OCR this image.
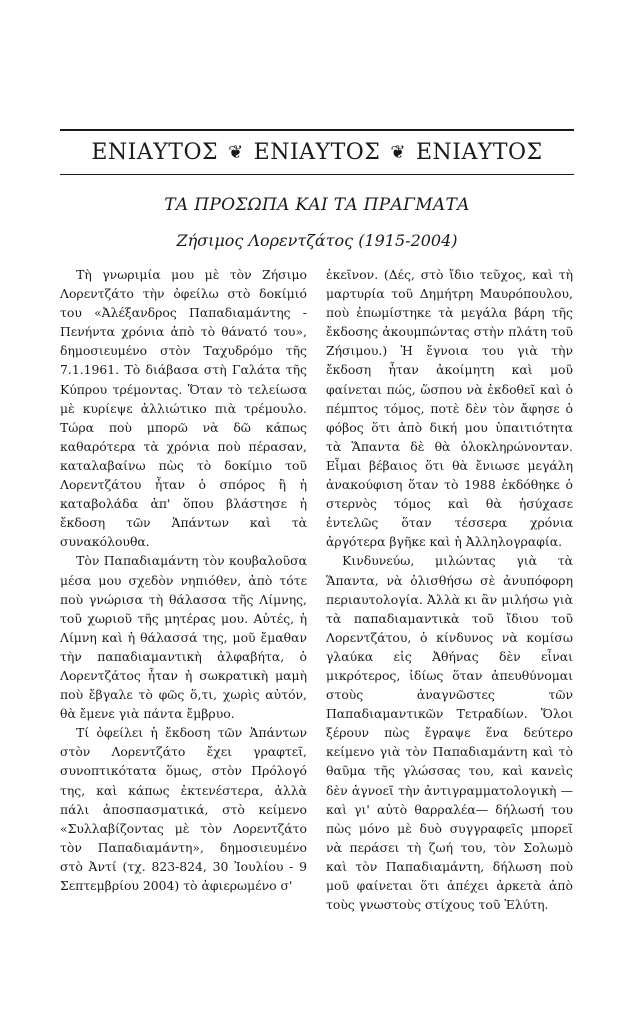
ΕΝΙΑΥΤΟΣ ❦ ΕΝΙΑΥΤΟΣ ❦ ΕΝΙΑΥΤΟΣ
ΤΑ ΠΡΟΣΩΠΑ ΚΑΙ ΤΑ ΠΡΑΓΜΑΤΑ
Ζήσιμος Λορεντζάτος (1915-2004)

Τὴ γνωριμία μου μὲ τὸν Ζήσιμο Λορεντζάτο τὴν ὀφείλω στὸ δοκίμιό του «Ἀλέξανδρος Παπαδιαμάντης - Πενήντα χρόνια ἀπὸ τὸ θάνατό του», δημοσιευμένο στὸν Ταχυδρόμο τῆς 7.1.1961. Τὸ διάβασα στὴ Γαλάτα τῆς Κύπρου τρέμοντας. Ὅταν τὸ τελείωσα μὲ κυρίεψε ἀλλιώτικο πιὰ τρέμουλο. Τώρα ποὺ μπορῶ νὰ δῶ κάπως καθαρότερα τὰ χρόνια ποὺ πέρασαν, καταλαβαίνω πὼς τὸ δοκίμιο τοῦ Λορεντζάτου ἦταν ὁ σπόρος ἢ ἡ καταβολάδα ἀπ' ὅπου βλάστησε ἡ ἔκδοση τῶν Ἁπάντων καὶ τὰ συνακόλουθα.

Τὸν Παπαδιαμάντη τὸν κουβαλοῦσα μέσα μου σχεδὸν νηπιόθεν, ἀπὸ τότε ποὺ γνώρισα τὴ θάλασσα τῆς Λίμνης, τοῦ χωριοῦ τῆς μητέρας μου. Αὐτές, ἡ Λίμνη καὶ ἡ θάλασσά της, μοῦ ἔμαθαν τὴν παπαδιαμαντικὴ ἀλφαβήτα, ὁ Λορεντζάτος ἦταν ἡ σωκρατικὴ μαμὴ ποὺ ἔβγαλε τὸ φῶς ὅ,τι, χωρὶς αὐτόν, θὰ ἔμενε γιὰ πάντα ἔμβρυο.

Τί ὀφείλει ἡ ἔκδοση τῶν Ἁπάντων στὸν Λορεντζάτο ἔχει γραφτεῖ, συνοπτικότατα ὅμως, στὸν Πρόλογό της, καὶ κάπως ἐκτενέστερα, ἀλλὰ πάλι ἀποσπασματικά, στὸ κείμενο «Συλλαβίζοντας μὲ τὸν Λορεντζάτο τὸν Παπαδιαμάντη», δημοσιευμένο στὸ Ἀντί (τχ. 823-824, 30 Ἰουλίου - 9 Σεπτεμβρίου 2004) τὸ ἀφιερωμένο σ'

ἐκεῖνον. (Δές, στὸ ἴδιο τεῦχος, καὶ τὴ μαρτυρία τοῦ Δημήτρη Μαυρόπουλου, ποὺ ἐπωμίστηκε τὰ μεγάλα βάρη τῆς ἔκδοσης ἀκουμπώντας στὴν πλάτη τοῦ Ζήσιμου.) Ἡ ἔγνοια του γιὰ τὴν ἔκδοση ἦταν ἀκοίμητη καὶ μοῦ φαίνεται πώς, ὥσπου νὰ ἐκδοθεῖ καὶ ὁ πέμπτος τόμος, ποτὲ δὲν τὸν ἄφησε ὁ φόβος ὅτι ἀπὸ δική μου ὑπαιτιότητα τὰ Ἅπαντα δὲ θὰ ὁλοκληρώνονταν. Εἶμαι βέβαιος ὅτι θὰ ἔνιωσε μεγάλη ἀνακούφιση ὅταν τὸ 1988 ἐκδόθηκε ὁ στερνὸς τόμος καὶ θὰ ἡσύχασε ἐντελῶς ὅταν τέσσερα χρόνια ἀργότερα βγῆκε καὶ ἡ Ἀλληλογραφία.

Κινδυνεύω, μιλώντας γιὰ τὰ Ἅπαντα, νὰ ὀλισθήσω σὲ ἀνυπόφορη περιαυτολογία. Ἀλλὰ κι ἂν μιλήσω γιὰ τὰ παπαδιαμαντικὰ τοῦ ἴδιου τοῦ Λορεντζάτου, ὁ κίνδυνος νὰ κομίσω γλαύκα εἰς Ἀθήνας δὲν εἶναι μικρότερος, ἰδίως ὅταν ἀπευθύνομαι στοὺς ἀναγνῶστες τῶν Παπαδιαμαντικῶν Τετραδίων. Ὅλοι ξέρουν πὼς ἔγραψε ἕνα δεύτερο κείμενο γιὰ τὸν Παπαδιαμάντη καὶ τὸ θαῦμα τῆς γλώσσας του, καὶ κανεὶς δὲν ἀγνοεῖ τὴν ἀντιγραμματολογικὴ —καὶ γι' αὐτὸ θαρραλέα— δήλωσή του πὼς μόνο μὲ δυὸ συγγραφεῖς μπορεῖ νὰ περάσει τὴ ζωή του, τὸν Σολωμὸ καὶ τὸν Παπαδιαμάντη, δήλωση ποὺ μοῦ φαίνεται ὅτι ἀπέχει ἀρκετὰ ἀπὸ τοὺς γνωστοὺς στίχους τοῦ Ἐλύτη.
